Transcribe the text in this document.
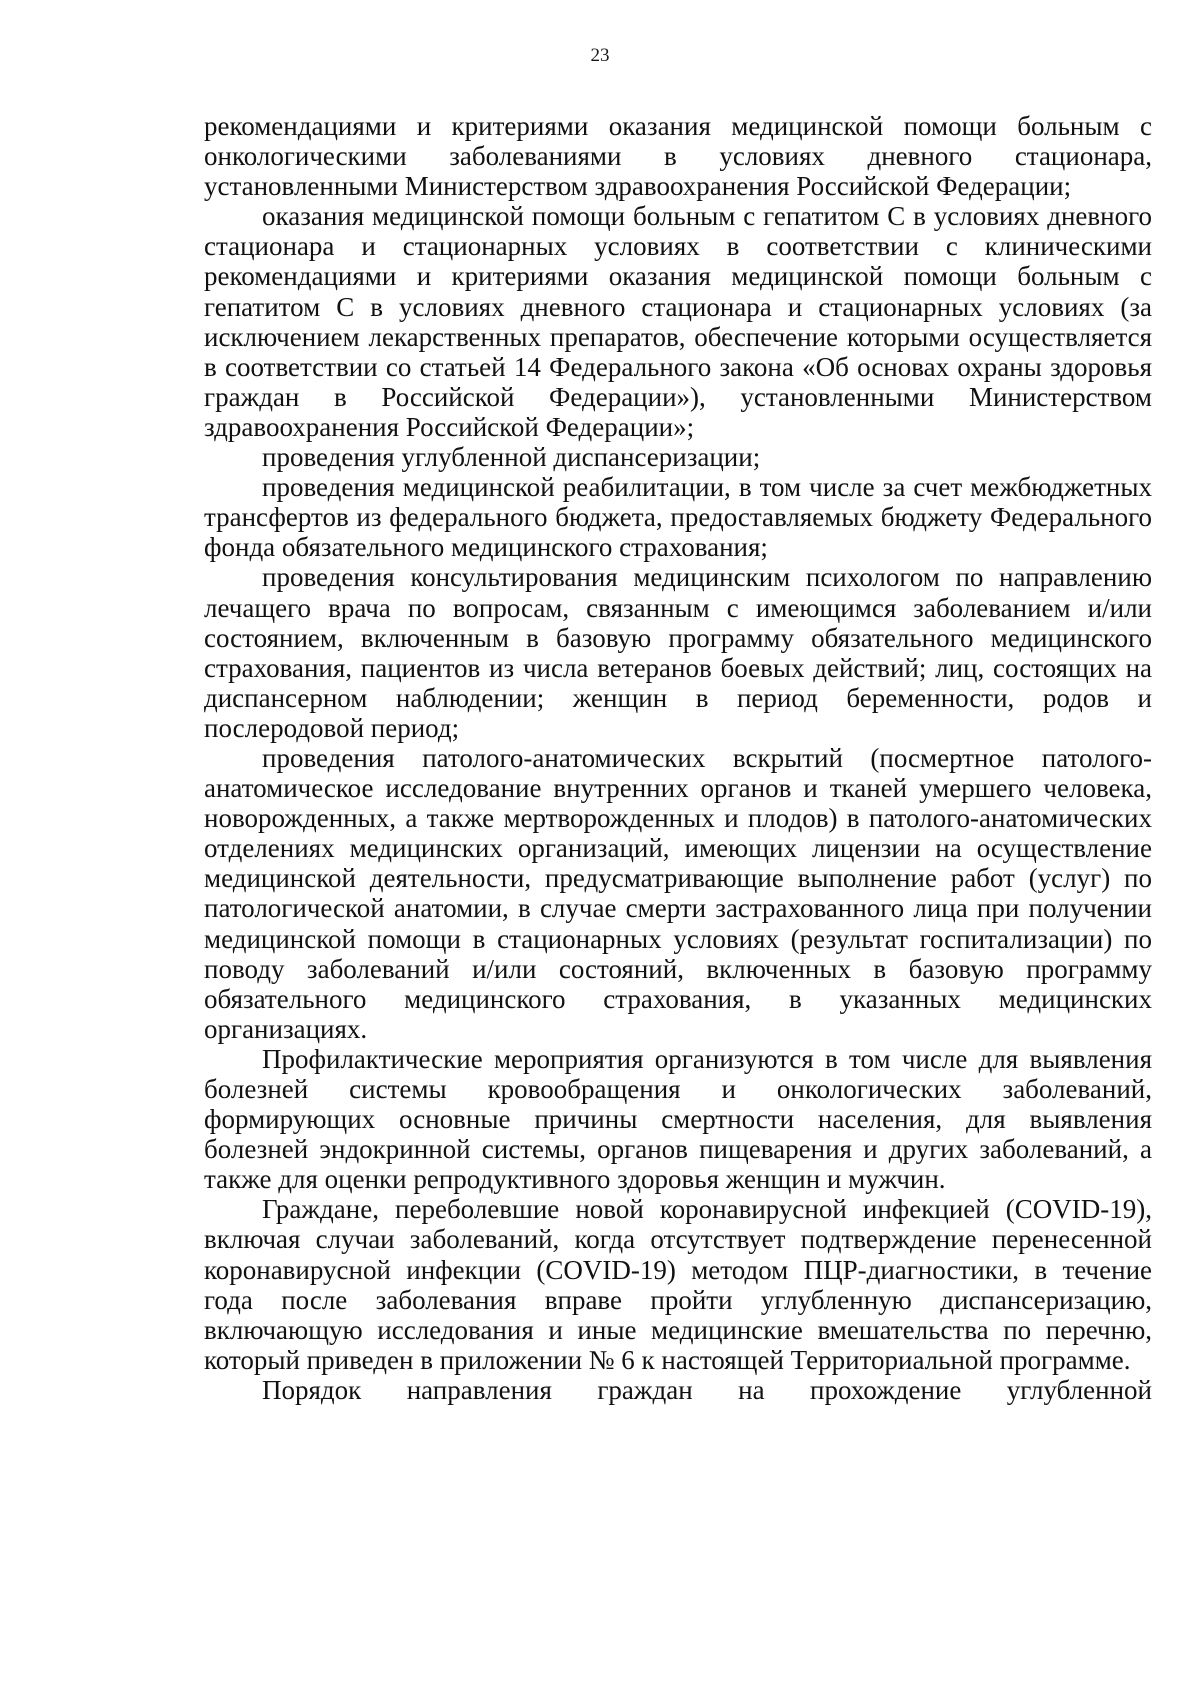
23

рекомендациями и критериями оказания медицинской помощи больным с онкологическими заболеваниями в условиях дневного стационара, установленными Министерством здравоохранения Российской Федерации;

оказания медицинской помощи больным с гепатитом С в условиях дневного стационара и стационарных условиях в соответствии с клиническими рекомендациями и критериями оказания медицинской помощи больным с гепатитом С в условиях дневного стационара и стационарных условиях (за исключением лекарственных препаратов, обеспечение которыми осуществляется в соответствии со статьей 14 Федерального закона «Об основах охраны здоровья граждан в Российской Федерации»), установленными Министерством здравоохранения Российской Федерации»;

проведения углубленной диспансеризации;

проведения медицинской реабилитации, в том числе за счет межбюджетных трансфертов из федерального бюджета, предоставляемых бюджету Федерального фонда обязательного медицинского страхования;

проведения консультирования медицинским психологом по направлению лечащего врача по вопросам, связанным с имеющимся заболеванием и/или состоянием, включенным в базовую программу обязательного медицинского страхования, пациентов из числа ветеранов боевых действий; лиц, состоящих на диспансерном наблюдении; женщин в период беременности, родов и послеродовой период;

проведения патолого-анатомических вскрытий (посмертное патолого-анатомическое исследование внутренних органов и тканей умершего человека, новорожденных, а также мертворожденных и плодов) в патолого-анатомических отделениях медицинских организаций, имеющих лицензии на осуществление медицинской деятельности, предусматривающие выполнение работ (услуг) по патологической анатомии, в случае смерти застрахованного лица при получении медицинской помощи в стационарных условиях (результат госпитализации) по поводу заболеваний и/или состояний, включенных в базовую программу обязательного медицинского страхования, в указанных медицинских организациях.

Профилактические мероприятия организуются в том числе для выявления болезней системы кровообращения и онкологических заболеваний, формирующих основные причины смертности населения, для выявления болезней эндокринной системы, органов пищеварения и других заболеваний, а также для оценки репродуктивного здоровья женщин и мужчин.

Граждане, переболевшие новой коронавирусной инфекцией (COVID-19), включая случаи заболеваний, когда отсутствует подтверждение перенесенной коронавирусной инфекции (COVID-19) методом ПЦР-диагностики, в течение года после заболевания вправе пройти углубленную диспансеризацию, включающую исследования и иные медицинские вмешательства по перечню, который приведен в приложении № 6 к настоящей Территориальной программе.

Порядок направления граждан на прохождение углубленной
